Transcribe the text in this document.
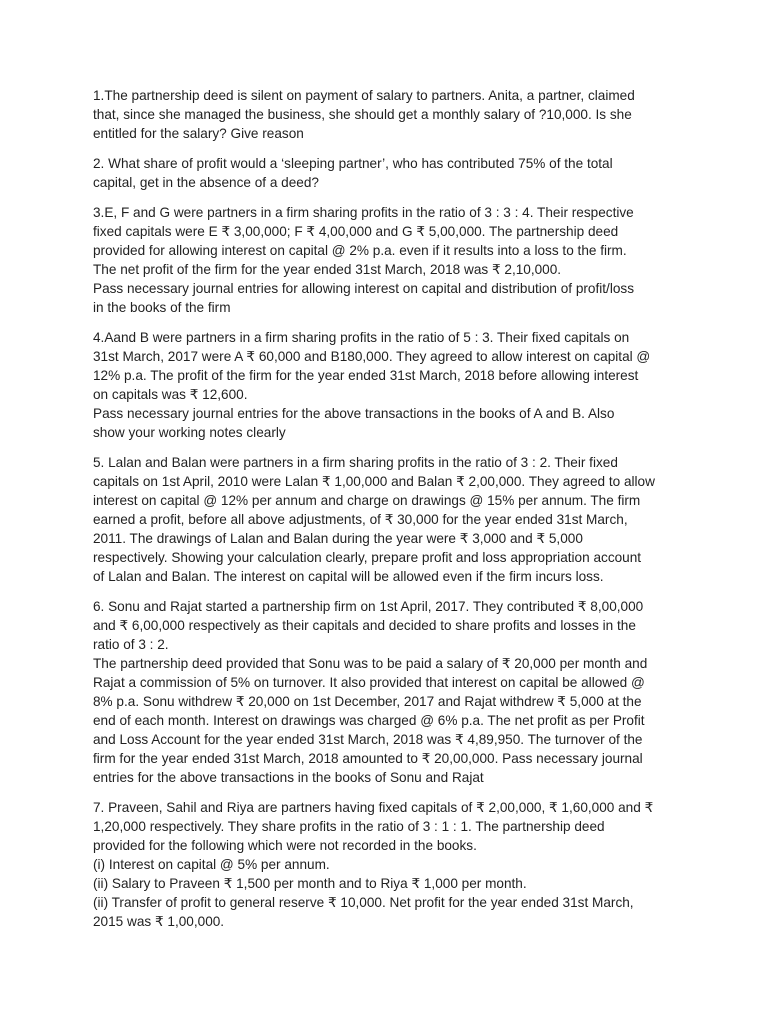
1.The partnership deed is silent on payment of salary to partners. Anita, a partner, claimed
that, since she managed the business, she should get a monthly salary of ?10,000. Is she
entitled for the salary? Give reason
2. What share of profit would a ‘sleeping partner’, who has contributed 75% of the total
capital, get in the absence of a deed?
3.E, F and G were partners in a firm sharing profits in the ratio of 3 : 3 : 4. Their respective
fixed capitals were E ₹ 3,00,000; F ₹ 4,00,000 and G ₹ 5,00,000. The partnership deed
provided for allowing interest on capital @ 2% p.a. even if it results into a loss to the firm.
The net profit of the firm for the year ended 31st March, 2018 was ₹ 2,10,000.
Pass necessary journal entries for allowing interest on capital and distribution of profit/loss
in the books of the firm
4.Aand B were partners in a firm sharing profits in the ratio of 5 : 3. Their fixed capitals on
31st March, 2017 were A ₹ 60,000 and B180,000. They agreed to allow interest on capital @
12% p.a. The profit of the firm for the year ended 31st March, 2018 before allowing interest
on capitals was ₹ 12,600.
Pass necessary journal entries for the above transactions in the books of A and B. Also
show your working notes clearly
5. Lalan and Balan were partners in a firm sharing profits in the ratio of 3 : 2. Their fixed
capitals on 1st April, 2010 were Lalan ₹ 1,00,000 and Balan ₹ 2,00,000. They agreed to allow
interest on capital @ 12% per annum and charge on drawings @ 15% per annum. The firm
earned a profit, before all above adjustments, of ₹ 30,000 for the year ended 31st March,
2011. The drawings of Lalan and Balan during the year were ₹ 3,000 and ₹ 5,000
respectively. Showing your calculation clearly, prepare profit and loss appropriation account
of Lalan and Balan. The interest on capital will be allowed even if the firm incurs loss.
6. Sonu and Rajat started a partnership firm on 1st April, 2017. They contributed ₹ 8,00,000
and ₹ 6,00,000 respectively as their capitals and decided to share profits and losses in the
ratio of 3 : 2.
The partnership deed provided that Sonu was to be paid a salary of ₹ 20,000 per month and
Rajat a commission of 5% on turnover. It also provided that interest on capital be allowed @
8% p.a. Sonu withdrew ₹ 20,000 on 1st December, 2017 and Rajat withdrew ₹ 5,000 at the
end of each month. Interest on drawings was charged @ 6% p.a. The net profit as per Profit
and Loss Account for the year ended 31st March, 2018 was ₹ 4,89,950. The turnover of the
firm for the year ended 31st March, 2018 amounted to ₹ 20,00,000. Pass necessary journal
entries for the above transactions in the books of Sonu and Rajat
7. Praveen, Sahil and Riya are partners having fixed capitals of ₹ 2,00,000, ₹ 1,60,000 and ₹
1,20,000 respectively. They share profits in the ratio of 3 : 1 : 1. The partnership deed
provided for the following which were not recorded in the books.
(i) Interest on capital @ 5% per annum.
(ii) Salary to Praveen ₹ 1,500 per month and to Riya ₹ 1,000 per month.
(ii) Transfer of profit to general reserve ₹ 10,000. Net profit for the year ended 31st March,
2015 was ₹ 1,00,000.
